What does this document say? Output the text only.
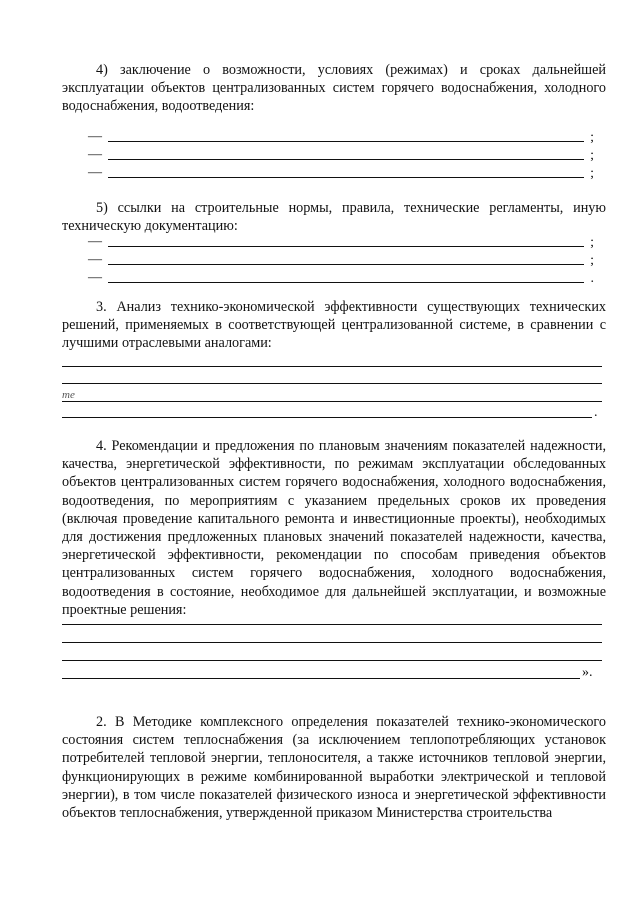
4) заключение о возможности, условиях (режимах) и сроках дальнейшей эксплуатации объектов централизованных систем горячего водоснабжения, холодного водоснабжения, водоотведения:

—	;
—	;
—	;

5) ссылки на строительные нормы, правила, технические регламенты, иную техническую документацию:

—	;
—	;
—	.

3. Анализ технико-экономической эффективности существующих технических решений, применяемых в соответствующей централизованной системе, в сравнении с лучшими отраслевыми аналогами:

те
.

4. Рекомендации и предложения по плановым значениям показателей надежности, качества, энергетической эффективности, по режимам эксплуатации обследованных объектов централизованных систем горячего водоснабжения, холодного водоснабжения, водоотведения, по мероприятиям с указанием предельных сроков их проведения (включая проведение капитального ремонта и инвестиционные проекты), необходимых для достижения предложенных плановых значений показателей надежности, качества, энергетической эффективности, рекомендации по способам приведения объектов централизованных систем горячего водоснабжения, холодного водоснабжения, водоотведения в состояние, необходимое для дальнейшей эксплуатации, и возможные проектные решения:

».

2. В Методике комплексного определения показателей технико-экономического состояния систем теплоснабжения (за исключением теплопотребляющих установок потребителей тепловой энергии, теплоносителя, а также источников тепловой энергии, функционирующих в режиме комбинированной выработки электрической и тепловой энергии), в том числе показателей физического износа и энергетической эффективности объектов теплоснабжения, утвержденной приказом Министерства строительства
